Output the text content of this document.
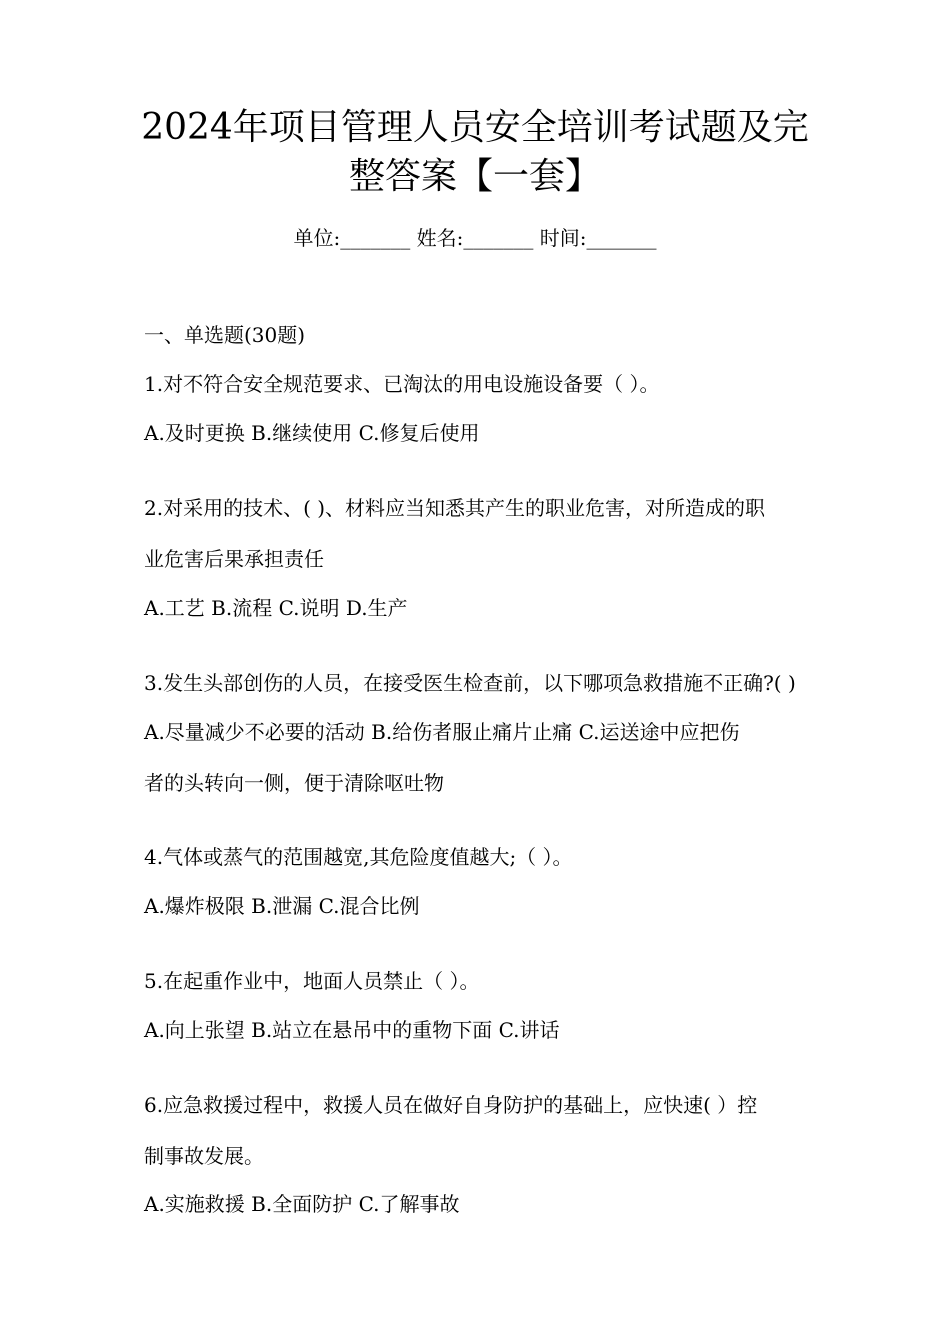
2024年项目管理人员安全培训考试题及完
整答案【一套】
单位:_______ 姓名:_______ 时间:_______
一、单选题(30题)
1.对不符合安全规范要求、已淘汰的用电设施设备要（ ）。
A.及时更换 B.继续使用 C.修复后使用
2.对采用的技术、( )、材料应当知悉其产生的职业危害，对所造成的职
业危害后果承担责任
A.工艺 B.流程 C.说明 D.生产
3.发生头部创伤的人员，在接受医生检查前，以下哪项急救措施不正确?( )
A.尽量减少不必要的活动 B.给伤者服止痛片止痛 C.运送途中应把伤
者的头转向一侧，便于清除呕吐物
4.气体或蒸气的范围越宽,其危险度值越大;（ ）。
A.爆炸极限 B.泄漏 C.混合比例
5.在起重作业中，地面人员禁止（ ）。
A.向上张望 B.站立在悬吊中的重物下面 C.讲话
6.应急救援过程中，救援人员在做好自身防护的基础上，应快速( ）控
制事故发展。
A.实施救援 B.全面防护 C.了解事故
